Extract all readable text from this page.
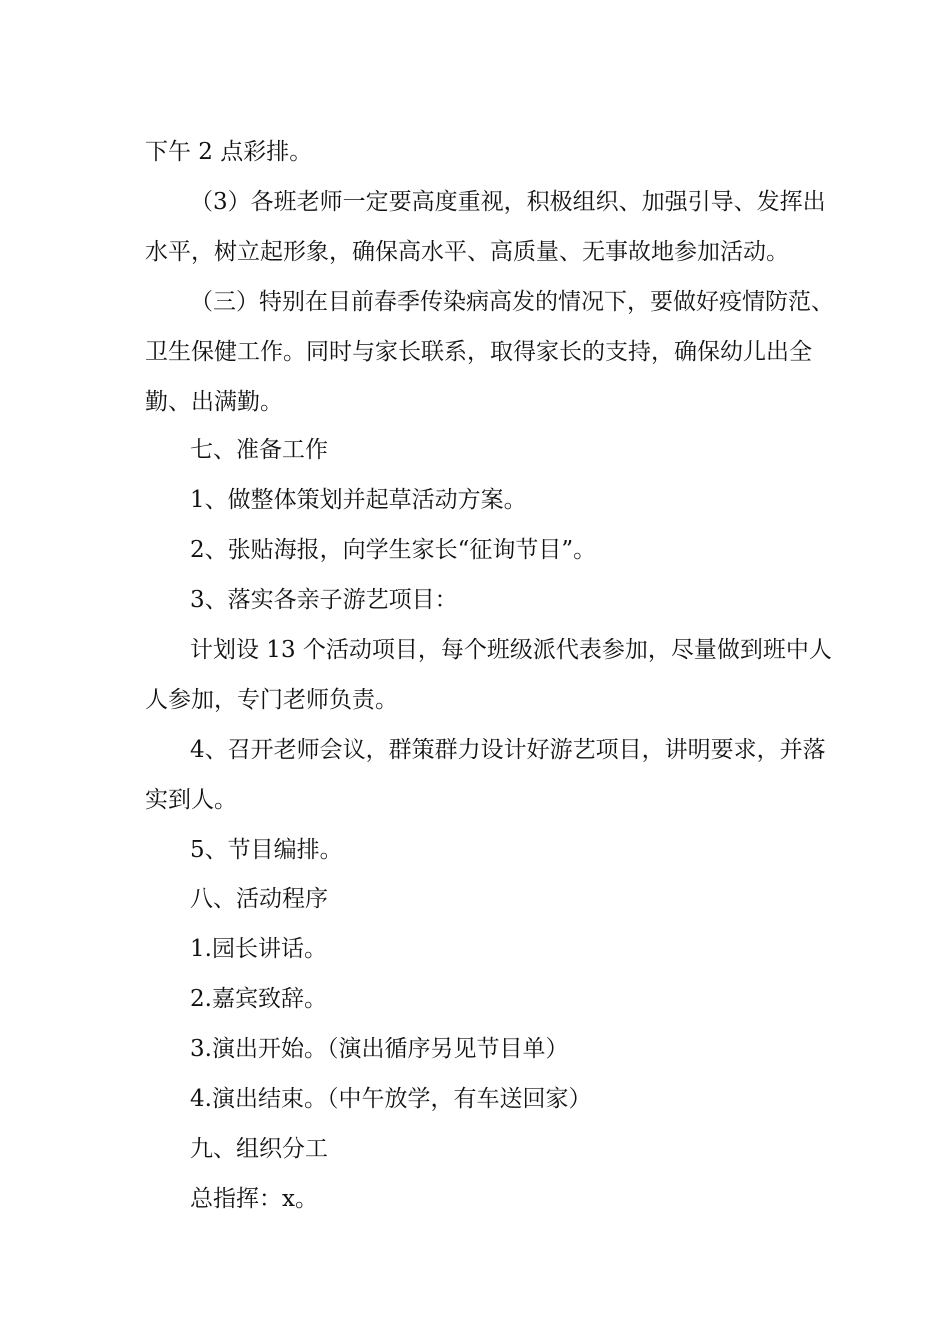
下午 2 点彩排。
（3）各班老师一定要高度重视，积极组织、加强引导、发挥出
水平，树立起形象，确保高水平、高质量、无事故地参加活动。
（三）特别在目前春季传染病高发的情况下，要做好疫情防范、
卫生保健工作。同时与家长联系，取得家长的支持，确保幼儿出全
勤、出满勤。
七、准备工作
1、做整体策划并起草活动方案。
2、张贴海报，向学生家长“征询节目”。
3、落实各亲子游艺项目：
计划设 13 个活动项目，每个班级派代表参加，尽量做到班中人
人参加，专门老师负责。
4、召开老师会议，群策群力设计好游艺项目，讲明要求，并落
实到人。
5、节目编排。
八、活动程序
1.园长讲话。
2.嘉宾致辞。
3.演出开始。（演出循序另见节目单）
4.演出结束。（中午放学，有车送回家）
九、组织分工
总指挥：x。
